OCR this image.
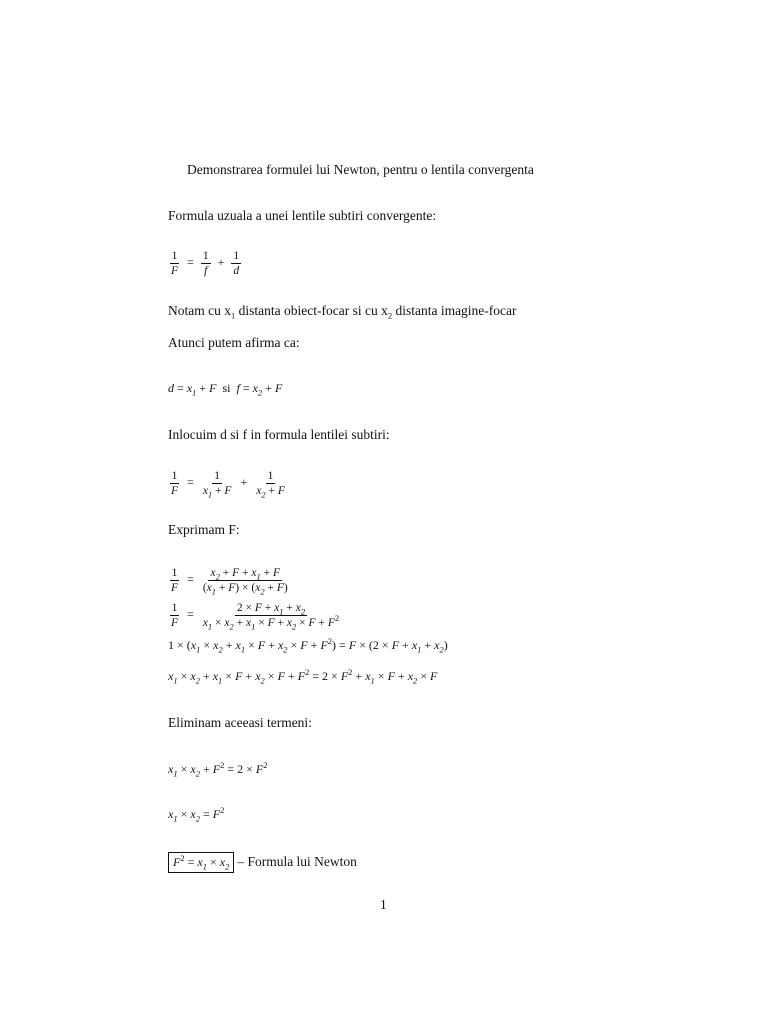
Demonstrarea formulei lui Newton, pentru o lentila convergenta
Formula uzuala a unei lentile subtiri convergente:
$\frac{1}{F} = \frac{1}{f} + \frac{1}{d}$
Notam cu $x_1$ distanta obiect-focar si cu $x_2$ distanta imagine-focar
Atunci putem afirma ca:
$d = x_1 + F$ si $f = x_2 + F$
Inlocuim d si f in formula lentilei subtiri:
$\frac{1}{F} = \frac{1}{x_1 + F} + \frac{1}{x_2 + F}$
Exprimam F:
$\frac{1}{F} = \frac{x_2 + F + x_1 + F}{(x_1 + F) \times (x_2 + F)}$
$\frac{1}{F} = \frac{2 \times F + x_1 + x_2}{x_1 \times x_2 + x_1 \times F + x_2 \times F + F^2}$
$1 \times (x_1 \times x_2 + x_1 \times F + x_2 \times F + F^2) = F \times (2 \times F + x_1 + x_2)$
$x_1 \times x_2 + x_1 \times F + x_2 \times F + F^2 = 2 \times F^2 + x_1 \times F + x_2 \times F$
Eliminam aceeasi termeni:
$x_1 \times x_2 + F^2 = 2 \times F^2$
$x_1 \times x_2 = F^2$
$F^2 = x_1 \times x_2$ – Formula lui Newton
1
